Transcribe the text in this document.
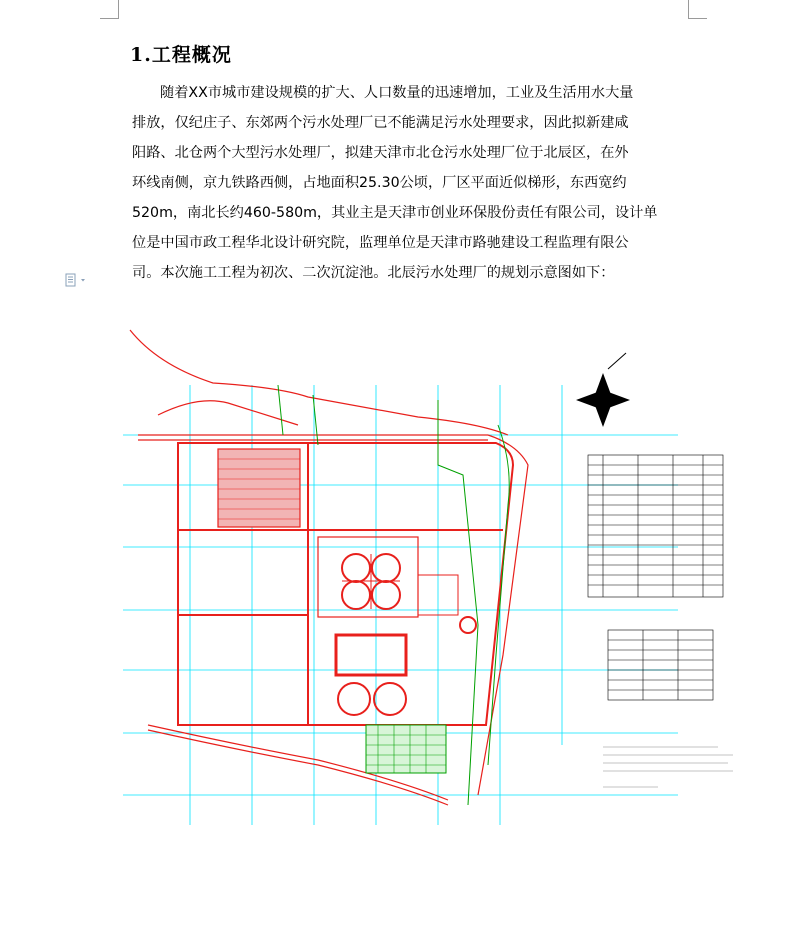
1.工程概况
随着XX市城市建设规模的扩大、人口数量的迅速增加，工业及生活用水大量
排放，仅纪庄子、东郊两个污水处理厂已不能满足污水处理要求，因此拟新建咸
阳路、北仓两个大型污水处理厂，拟建天津市北仓污水处理厂位于北辰区，在外
环线南侧，京九铁路西侧，占地面积25.30公顷，厂区平面近似梯形，东西宽约
520m，南北长约460-580m，其业主是天津市创业环保股份责任有限公司，设计单
位是中国市政工程华北设计研究院，监理单位是天津市路驰建设工程监理有限公
司。本次施工工程为初次、二次沉淀池。北辰污水处理厂的规划示意图如下：
